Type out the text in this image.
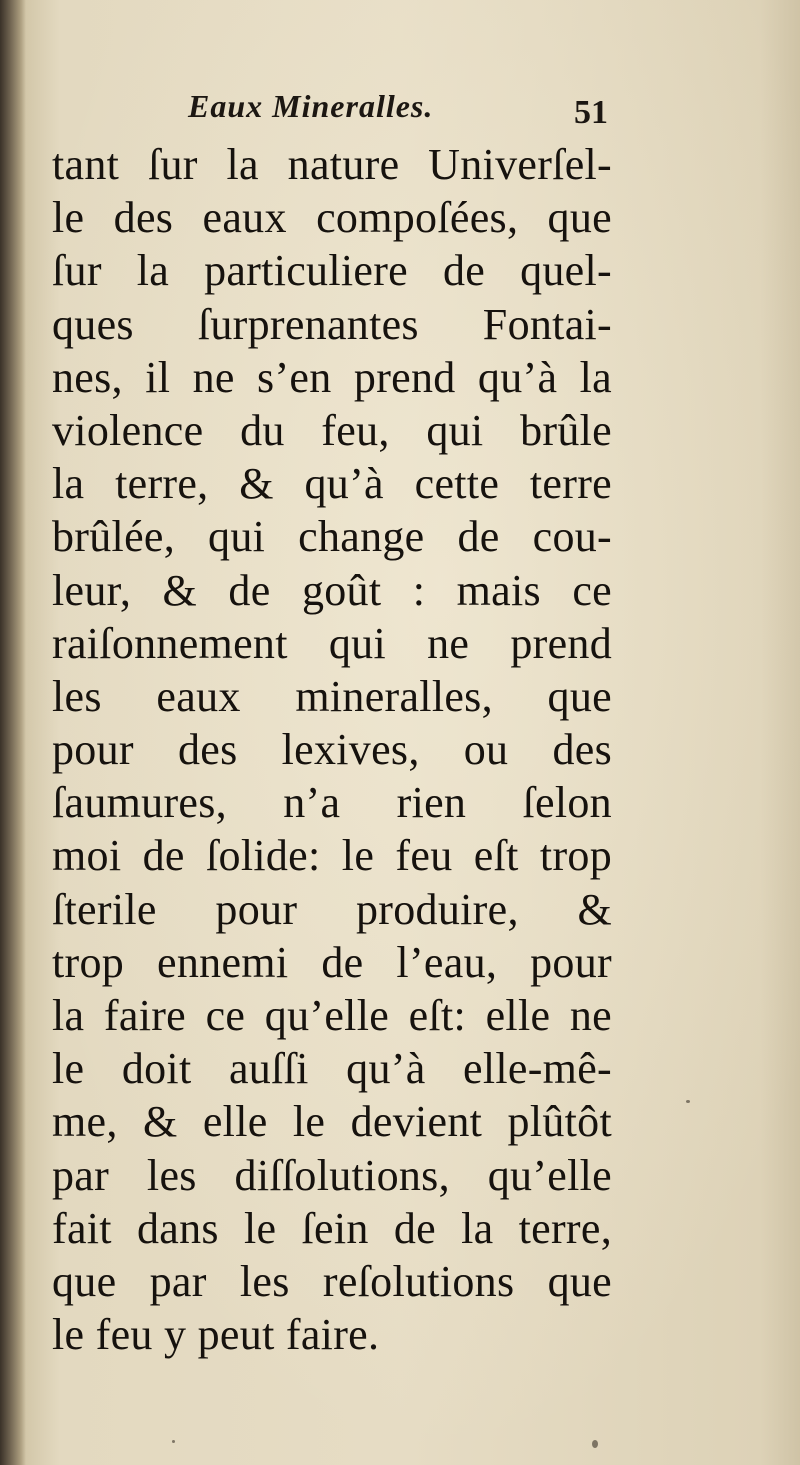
Eaux Mineralles.	51
tant ſur la nature Univerſel-
le des eaux compoſées, que
ſur la particuliere de quel-
ques ſurprenantes Fontai-
nes, il ne s’en prend qu’à la
violence du feu, qui brûle
la terre, & qu’à cette terre
brûlée, qui change de cou-
leur, & de goût : mais ce
raiſonnement qui ne prend
les eaux mineralles, que
pour des lexives, ou des
ſaumures, n’a rien ſelon
moi de ſolide: le feu eſt trop
ſterile pour produire, &
trop ennemi de l’eau, pour
la faire ce qu’elle eſt: elle ne
le doit auſſi qu’à elle-mê-
me, & elle le devient plûtôt
par les diſſolutions, qu’elle
fait dans le ſein de la terre,
que par les reſolutions que
le feu y peut faire.
